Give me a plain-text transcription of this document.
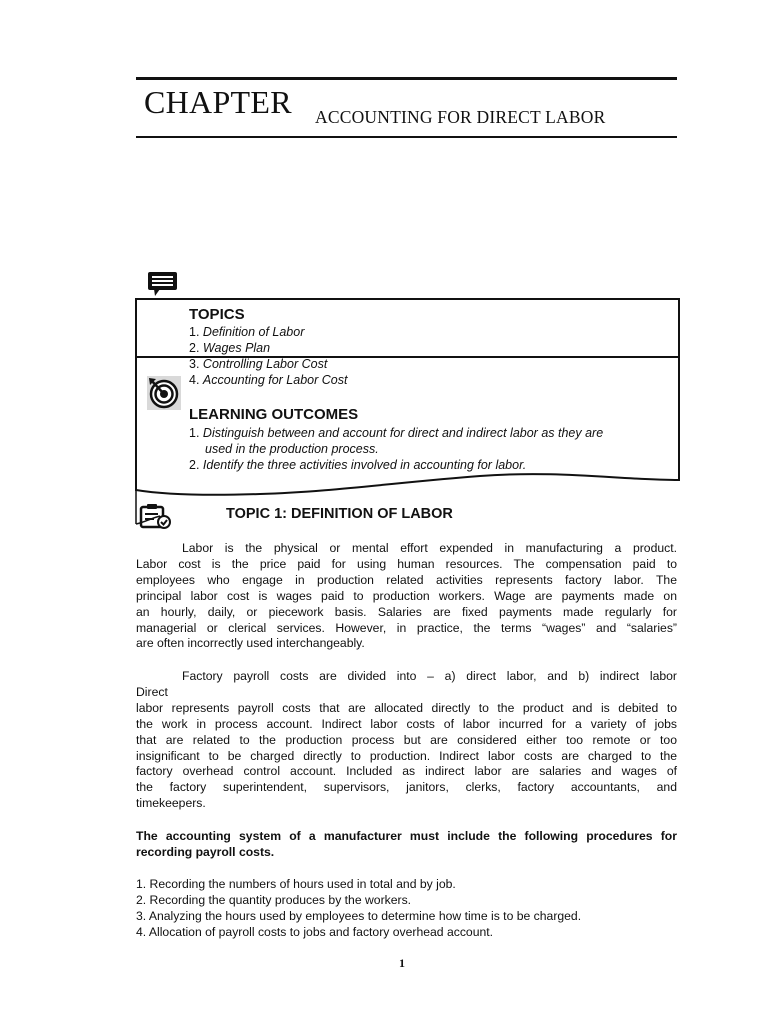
CHAPTER ACCOUNTING FOR DIRECT LABOR
TOPICS
1. Definition of Labor
2. Wages Plan
3. Controlling Labor Cost
4. Accounting for Labor Cost
LEARNING OUTCOMES
1. Distinguish between and account for direct and indirect labor as they are
used in the production process.
2. Identify the three activities involved in accounting for labor.
TOPIC 1: DEFINITION OF LABOR
Labor is the physical or mental effort expended in manufacturing a product.
Labor cost is the price paid for using human resources. The compensation paid to
employees who engage in production related activities represents factory labor. The
principal labor cost is wages paid to production workers. Wage are payments made on
an hourly, daily, or piecework basis. Salaries are fixed payments made regularly for
managerial or clerical services. However, in practice, the terms “wages” and “salaries”
are often incorrectly used interchangeably.
Factory payroll costs are divided into – a) direct labor, and b) indirect labor
Direct
labor represents payroll costs that are allocated directly to the product and is debited to
the work in process account. Indirect labor costs of labor incurred for a variety of jobs
that are related to the production process but are considered either too remote or too
insignificant to be charged directly to production. Indirect labor costs are charged to the
factory overhead control account. Included as indirect labor are salaries and wages of
the factory superintendent, supervisors, janitors, clerks, factory accountants, and
timekeepers.
The accounting system of a manufacturer must include the following procedures for
recording payroll costs.
1. Recording the numbers of hours used in total and by job.
2. Recording the quantity produces by the workers.
3. Analyzing the hours used by employees to determine how time is to be charged.
4. Allocation of payroll costs to jobs and factory overhead account.
1
